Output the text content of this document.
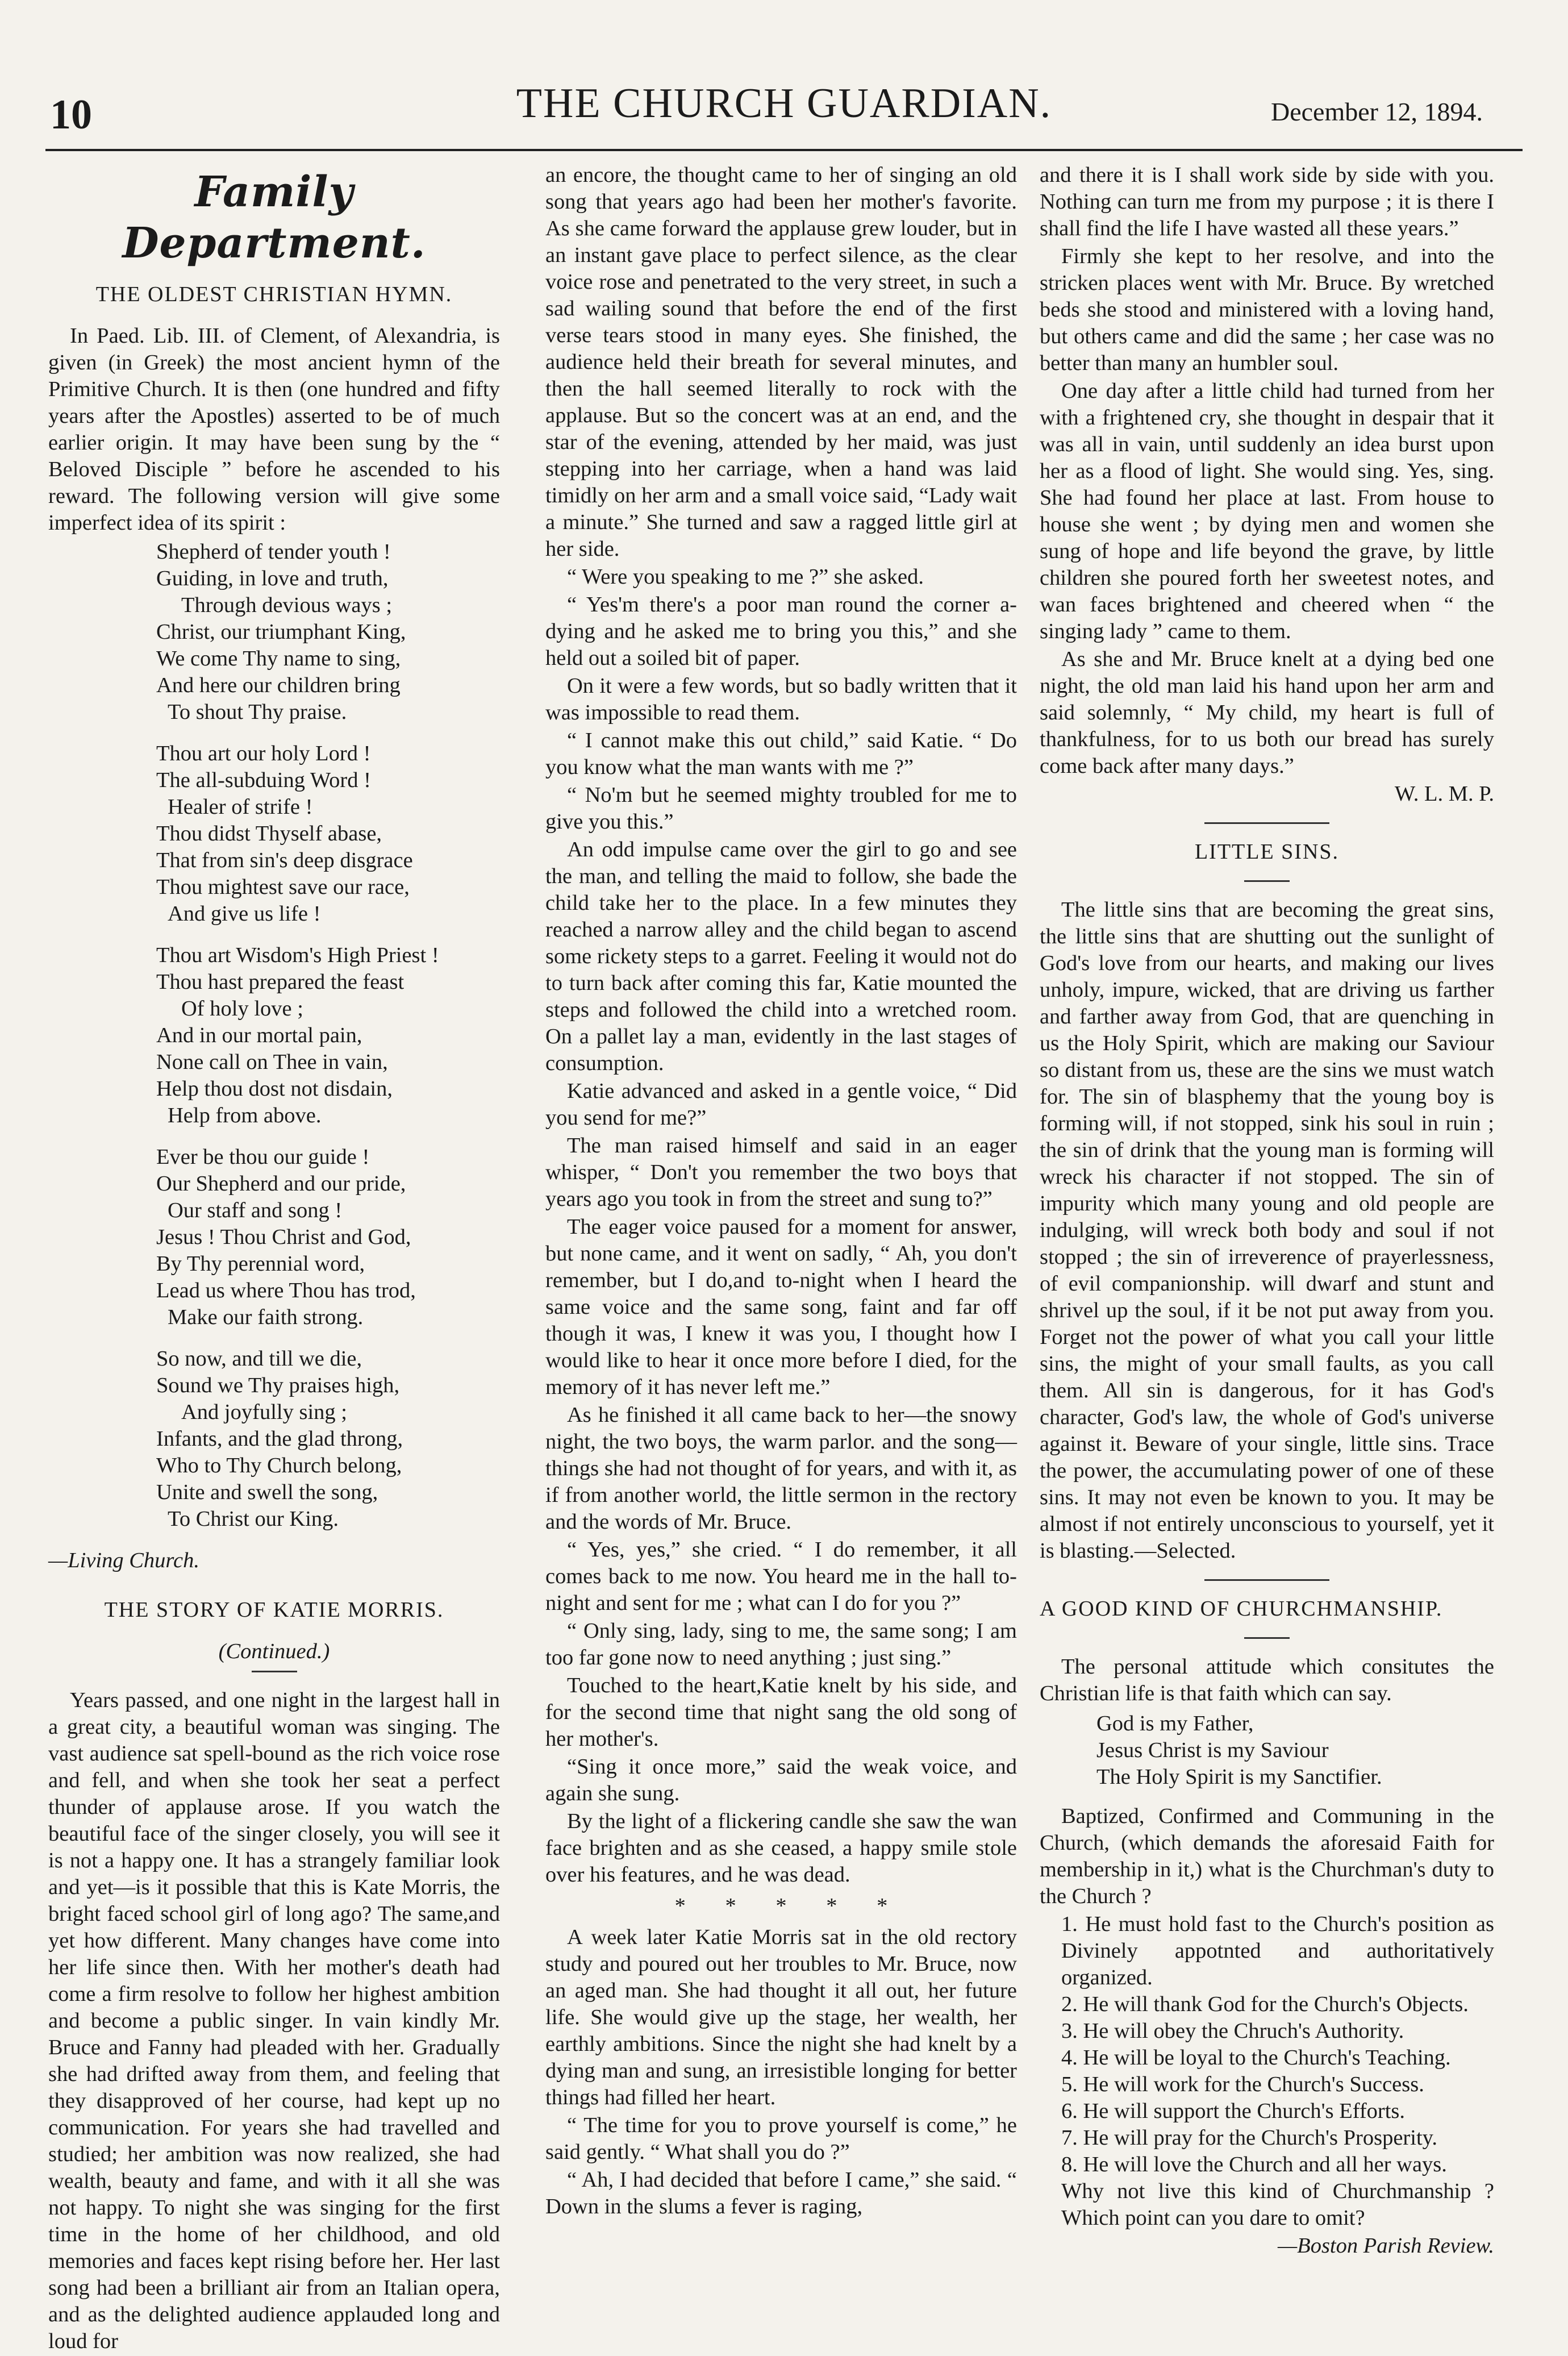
10	THE CHURCH GUARDIAN.	December 12, 1894.
Family Department.
THE OLDEST CHRISTIAN HYMN.

In Paed. Lib. III. of Clement, of Alexandria, is given (in Greek) the most ancient hymn of the Primitive Church. It is then (one hundred and fifty years after the Apostles) asserted to be of much earlier origin. It may have been sung by the “ Beloved Disciple ” before he ascended to his reward. The following version will give some imperfect idea of its spirit :

Shepherd of tender youth !
Guiding, in love and truth,
Through devious ways ;
Christ, our triumphant King,
We come Thy name to sing,
And here our children bring
To shout Thy praise.
Thou art our holy Lord !
The all-subduing Word !
Healer of strife !
Thou didst Thyself abase,
That from sin's deep disgrace
Thou mightest save our race,
And give us life !
Thou art Wisdom's High Priest !
Thou hast prepared the feast
Of holy love ;
And in our mortal pain,
None call on Thee in vain,
Help thou dost not disdain,
Help from above.
Ever be thou our guide !
Our Shepherd and our pride,
Our staff and song !
Jesus ! Thou Christ and God,
By Thy perennial word,
Lead us where Thou has trod,
Make our faith strong.
So now, and till we die,
Sound we Thy praises high,
And joyfully sing ;
Infants, and the glad throng,
Who to Thy Church belong,
Unite and swell the song,
To Christ our King.
—Living Church.
THE STORY OF KATIE MORRIS.
(Continued.)

Years passed, and one night in the largest hall in a great city, a beautiful woman was singing. The vast audience sat spell-bound as the rich voice rose and fell, and when she took her seat a perfect thunder of applause arose. If you watch the beautiful face of the singer closely, you will see it is not a happy one. It has a strangely familiar look and yet—is it possible that this is Kate Morris, the bright faced school girl of long ago? The same,and yet how different. Many changes have come into her life since then. With her mother's death had come a firm resolve to follow her highest ambition and become a public singer. In vain kindly Mr. Bruce and Fanny had pleaded with her. Gradually she had drifted away from them, and feeling that they disapproved of her course, had kept up no communication. For years she had travelled and studied; her ambition was now realized, she had wealth, beauty and fame, and with it all she was not happy. To night she was singing for the first time in the home of her childhood, and old memories and faces kept rising before her. Her last song had been a brilliant air from an Italian opera, and as the delighted audience applauded long and loud for

an encore, the thought came to her of singing an old song that years ago had been her mother's favorite. As she came forward the applause grew louder, but in an instant gave place to perfect silence, as the clear voice rose and penetrated to the very street, in such a sad wailing sound that before the end of the first verse tears stood in many eyes. She finished, the audience held their breath for several minutes, and then the hall seemed literally to rock with the applause. But so the concert was at an end, and the star of the evening, attended by her maid, was just stepping into her carriage, when a hand was laid timidly on her arm and a small voice said, “Lady wait a minute.” She turned and saw a ragged little girl at her side.

“ Were you speaking to me ?” she asked.

“ Yes'm there's a poor man round the corner a-dying and he asked me to bring you this,” and she held out a soiled bit of paper.

On it were a few words, but so badly written that it was impossible to read them.

“ I cannot make this out child,” said Katie. “ Do you know what the man wants with me ?”

“ No'm but he seemed mighty troubled for me to give you this.”

An odd impulse came over the girl to go and see the man, and telling the maid to follow, she bade the child take her to the place. In a few minutes they reached a narrow alley and the child began to ascend some rickety steps to a garret. Feeling it would not do to turn back after coming this far, Katie mounted the steps and followed the child into a wretched room. On a pallet lay a man, evidently in the last stages of consumption.

Katie advanced and asked in a gentle voice, “ Did you send for me?”

The man raised himself and said in an eager whisper, “ Don't you remember the two boys that years ago you took in from the street and sung to?”

The eager voice paused for a moment for answer, but none came, and it went on sadly, “ Ah, you don't remember, but I do,and to-night when I heard the same voice and the same song, faint and far off though it was, I knew it was you, I thought how I would like to hear it once more before I died, for the memory of it has never left me.”

As he finished it all came back to her—the snowy night, the two boys, the warm parlor. and the song—things she had not thought of for years, and with it, as if from another world, the little sermon in the rectory and the words of Mr. Bruce.

“ Yes, yes,” she cried. “ I do remember, it all comes back to me now. You heard me in the hall to-night and sent for me ; what can I do for you ?”

“ Only sing, lady, sing to me, the same song; I am too far gone now to need anything ; just sing.”

Touched to the heart,Katie knelt by his side, and for the second time that night sang the old song of her mother's.

“Sing it once more,” said the weak voice, and again she sung.

By the light of a flickering candle she saw the wan face brighten and as she ceased, a happy smile stole over his features, and he was dead.

* * * * *

A week later Katie Morris sat in the old rectory study and poured out her troubles to Mr. Bruce, now an aged man. She had thought it all out, her future life. She would give up the stage, her wealth, her earthly ambitions. Since the night she had knelt by a dying man and sung, an irresistible longing for better things had filled her heart.

“ The time for you to prove yourself is come,” he said gently. “ What shall you do ?”

“ Ah, I had decided that before I came,” she said. “ Down in the slums a fever is raging,

and there it is I shall work side by side with you. Nothing can turn me from my purpose ; it is there I shall find the life I have wasted all these years.”

Firmly she kept to her resolve, and into the stricken places went with Mr. Bruce. By wretched beds she stood and ministered with a loving hand, but others came and did the same ; her case was no better than many an humbler soul.

One day after a little child had turned from her with a frightened cry, she thought in despair that it was all in vain, until suddenly an idea burst upon her as a flood of light. She would sing. Yes, sing. She had found her place at last. From house to house she went ; by dying men and women she sung of hope and life beyond the grave, by little children she poured forth her sweetest notes, and wan faces brightened and cheered when “ the singing lady ” came to them.

As she and Mr. Bruce knelt at a dying bed one night, the old man laid his hand upon her arm and said solemnly, “ My child, my heart is full of thankfulness, for to us both our bread has surely come back after many days.”

W. L. M. P.
LITTLE SINS.

The little sins that are becoming the great sins, the little sins that are shutting out the sunlight of God's love from our hearts, and making our lives unholy, impure, wicked, that are driving us farther and farther away from God, that are quenching in us the Holy Spirit, which are making our Saviour so distant from us, these are the sins we must watch for. The sin of blasphemy that the young boy is forming will, if not stopped, sink his soul in ruin ; the sin of drink that the young man is forming will wreck his character if not stopped. The sin of impurity which many young and old people are indulging, will wreck both body and soul if not stopped ; the sin of irreverence of prayerlessness, of evil companionship. will dwarf and stunt and shrivel up the soul, if it be not put away from you. Forget not the power of what you call your little sins, the might of your small faults, as you call them. All sin is dangerous, for it has God's character, God's law, the whole of God's universe against it. Beware of your single, little sins. Trace the power, the accumulating power of one of these sins. It may not even be known to you. It may be almost if not entirely unconscious to yourself, yet it is blasting.—Selected.

A GOOD KIND OF CHURCHMANSHIP.

The personal attitude which consitutes the Christian life is that faith which can say.

God is my Father,
Jesus Christ is my Saviour
The Holy Spirit is my Sanctifier.

Baptized, Confirmed and Communing in the Church, (which demands the aforesaid Faith for membership in it,) what is the Churchman's duty to the Church ?

1. He must hold fast to the Church's position as Divinely appotnted and authoritatively organized.
2. He will thank God for the Church's Objects.
3. He will obey the Chruch's Authority.
4. He will be loyal to the Church's Teaching.
5. He will work for the Church's Success.
6. He will support the Church's Efforts.
7. He will pray for the Church's Prosperity.
8. He will love the Church and all her ways.
Why not live this kind of Churchmanship ? Which point can you dare to omit?
—Boston Parish Review.
